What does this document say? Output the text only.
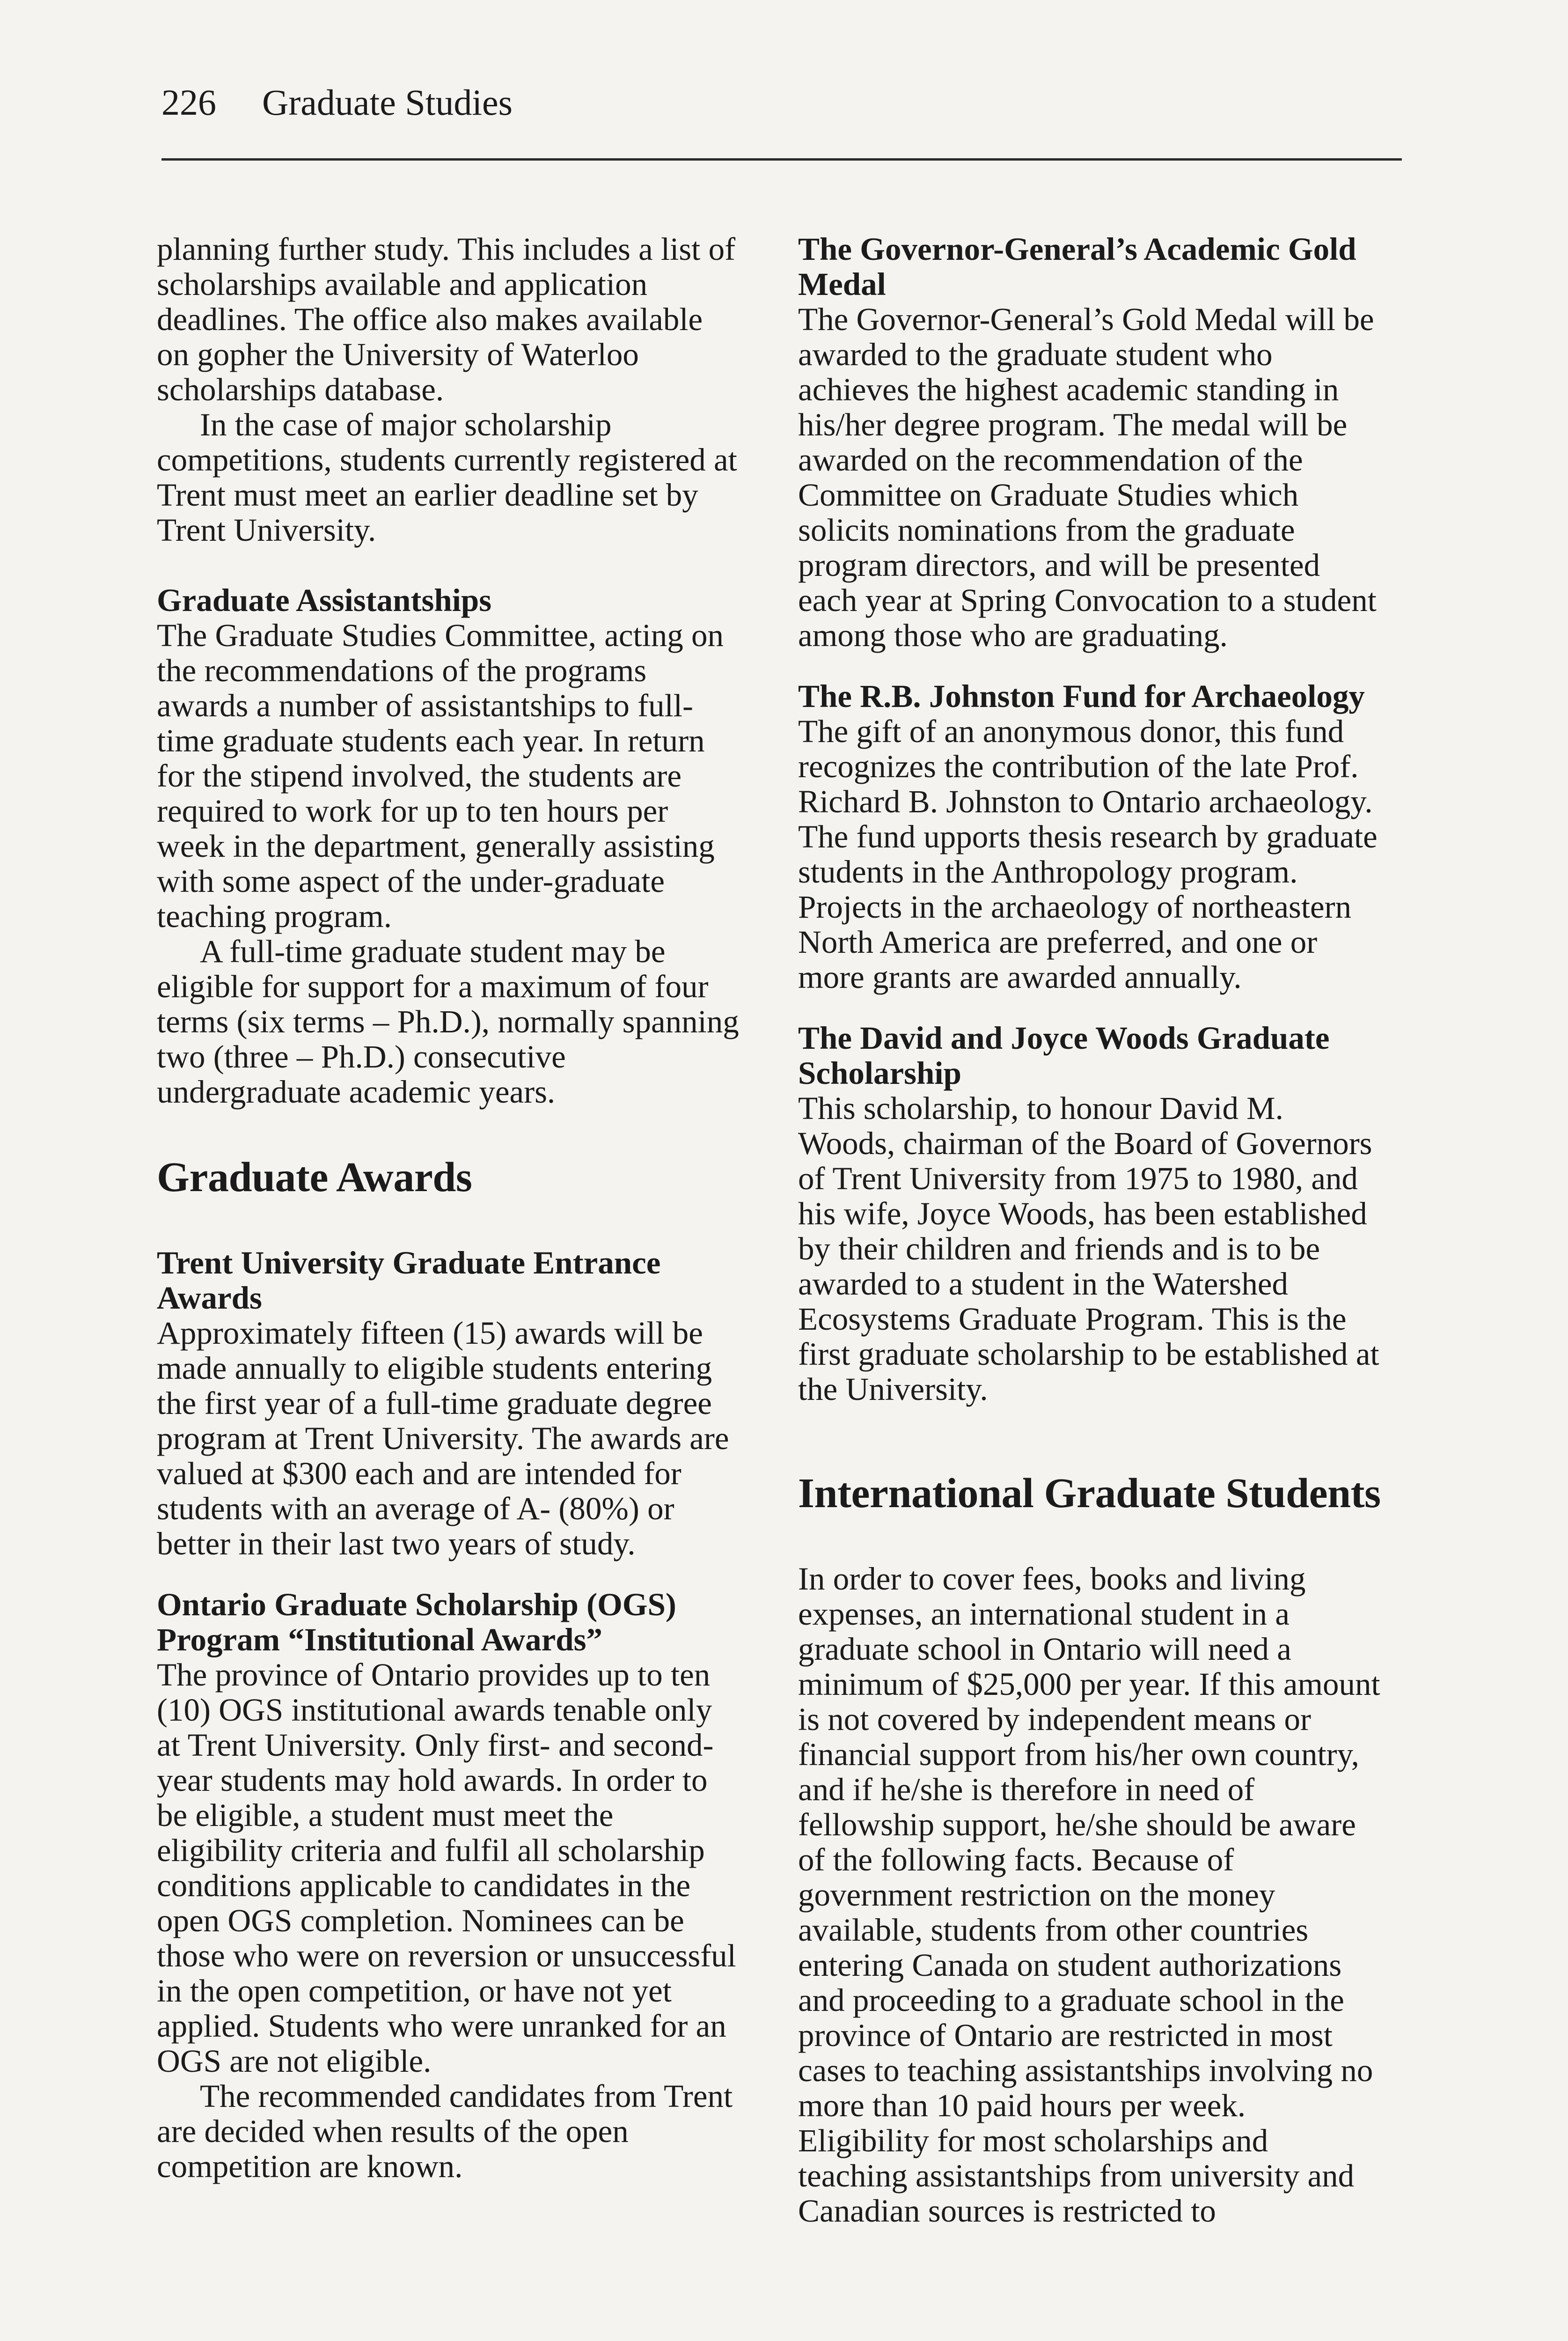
226 Graduate Studies

planning further study. This includes a list of scholarships available and application deadlines. The office also makes available on gopher the University of Waterloo scholarships database.

In the case of major scholarship competitions, students currently registered at Trent must meet an earlier deadline set by Trent University.

Graduate Assistantships

The Graduate Studies Committee, acting on the recommendations of the programs awards a number of assistantships to full-time graduate students each year. In return for the stipend involved, the students are required to work for up to ten hours per week in the department, generally assisting with some aspect of the under-graduate teaching program.

A full-time graduate student may be eligible for support for a maximum of four terms (six terms – Ph.D.), normally spanning two (three – Ph.D.) consecutive undergraduate academic years.

Graduate Awards

Trent University Graduate Entrance Awards

Approximately fifteen (15) awards will be made annually to eligible students entering the first year of a full-time graduate degree program at Trent University. The awards are valued at $300 each and are intended for students with an average of A- (80%) or better in their last two years of study.

Ontario Graduate Scholarship (OGS) Program “Institutional Awards”

The province of Ontario provides up to ten (10) OGS institutional awards tenable only at Trent University. Only first- and second-year students may hold awards. In order to be eligible, a student must meet the eligibility criteria and fulfil all scholarship conditions applicable to candidates in the open OGS completion. Nominees can be those who were on reversion or unsuccessful in the open competition, or have not yet applied. Students who were unranked for an OGS are not eligible.

The recommended candidates from Trent are decided when results of the open competition are known.

The Governor-General’s Academic Gold Medal

The Governor-General’s Gold Medal will be awarded to the graduate student who achieves the highest academic standing in his/her degree program. The medal will be awarded on the recommendation of the Committee on Graduate Studies which solicits nominations from the graduate program directors, and will be presented each year at Spring Convocation to a student among those who are graduating.

The R.B. Johnston Fund for Archaeology

The gift of an anonymous donor, this fund recognizes the contribution of the late Prof. Richard B. Johnston to Ontario archaeology. The fund upports thesis research by graduate students in the Anthropology program. Projects in the archaeology of northeastern North America are preferred, and one or more grants are awarded annually.

The David and Joyce Woods Graduate Scholarship

This scholarship, to honour David M. Woods, chairman of the Board of Governors of Trent University from 1975 to 1980, and his wife, Joyce Woods, has been established by their children and friends and is to be awarded to a student in the Watershed Ecosystems Graduate Program. This is the first graduate scholarship to be established at the University.

International Graduate Students

In order to cover fees, books and living expenses, an international student in a graduate school in Ontario will need a minimum of $25,000 per year. If this amount is not covered by independent means or financial support from his/her own country, and if he/she is therefore in need of fellowship support, he/she should be aware of the following facts. Because of government restriction on the money available, students from other countries entering Canada on student authorizations and proceeding to a graduate school in the province of Ontario are restricted in most cases to teaching assistantships involving no more than 10 paid hours per week. Eligibility for most scholarships and teaching assistantships from university and Canadian sources is restricted to
